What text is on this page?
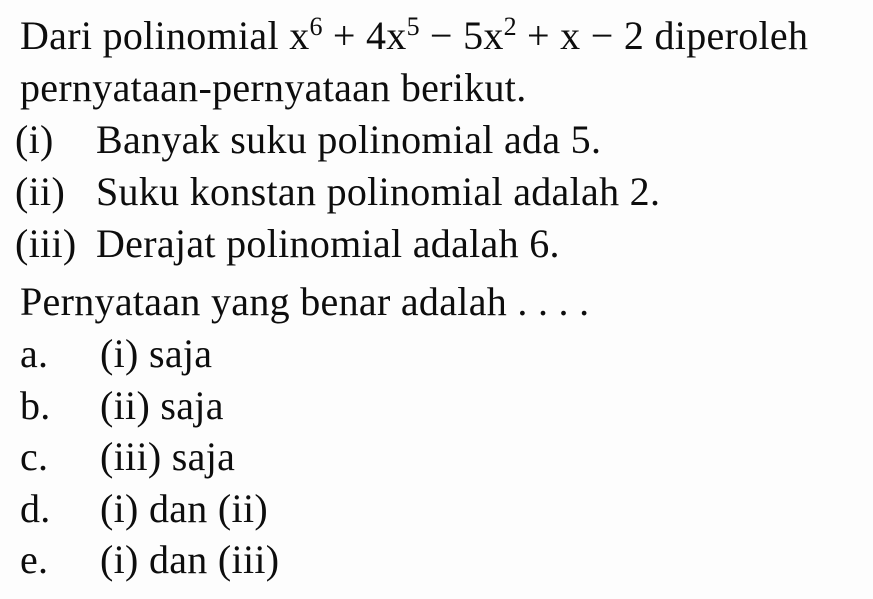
Dari polinomial $x^6 + 4x^5 - 5x^2 + x - 2$ diperoleh

pernyataan-pernyataan berikut.

(i)	Banyak suku polinomial ada 5.
(ii) Suku konstan polinomial adalah 2.
(iii) Derajat polinomial adalah 6.

Pernyataan yang benar adalah . . . .

a.	(i) saja
b.	(ii) saja
c.	(iii) saja
d.	(i) dan (ii)
e.	(i) dan (iii)
